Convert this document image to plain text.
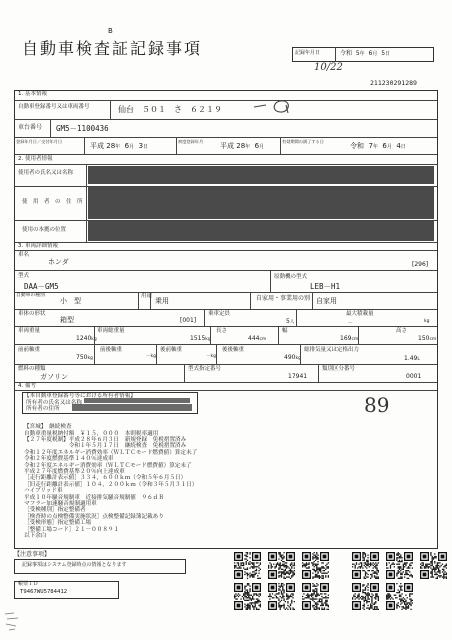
B
自動車検査証記録事項	記録年月日	令和 5年 6月 5日
10/22
211230291289
1. 基本情報
自動車登録番号又は車両番号	仙台　５０１　さ　６２１９
車台番号 GM5－1100436
登録年月日／交付年月日
平成 28年 6月 3日
初度登録年月
平成 28年 6月
有効期間の満了する日
令和 7年 6月 4日
2. 使用者情報
使用者の氏名又は名称
使　用　者　の　住　所
使用の本拠の位置
3. 車両詳細情報
車名
ホンダ	[296]
型式
DAA－GM5
原動機の型式
LEB－H1
自動車の種別
小　型
用途
乗用	自家用・事業用の別 自家用
車体の形状
箱型	[001]
乗車定員
5人
最大積載量
－	kg
車両重量
1240kg
車両総重量
1515kg
長さ
444cm
幅
169cm
高さ
150cm
前前軸重
750kg
前後軸重
－kg
後前軸重
－kg
後後軸重
490kg
総排気量又は定格出力
1.49L
燃料の種類
ガソリン
型式指定番号
17941
類別区分番号
0001
4. 備考
89
【本自動車登録番号等における所有者情報】
所有者の氏名又は名称
所有者の住所
【宮城】　継続検査
自動車重量税納付額　￥１５，０００　本則税率適用
【２７年度税制】平成２８年６月３日　新規登録　免税措置済み
　　　　　　　　令和１年５月１７日　継続検査　免税措置済み
令和１２年度エネルギー消費効率（ＷＬＴＣモード燃費値）算定未了
令和２年度燃費基準１４０％達成車
令和２年度エネルギー消費効率（ＷＬＴＣモード燃費値）算定未了
平成２７年度燃費基準２０％向上達成車
［走行距離計表示値］３３４，６００ｋｍ（令和５年６月５日）
［旧走行距離計表示値］１０４，２００ｋｍ（令和３年５月３１日）
ハイブリッド車
平成１０年騒音規制車　近接排気騒音規制値　９６ｄＢ
マフラー加速騒音規制適用車
［受検種別］指定整備者
［検査時の点検整備実施状況］点検整備記録簿記載あり
［受検形態］指定整備工場
［整備工場コード］２１－００８９１
以下余白
【注意事項】
記録事項はシステム登録時点の情報となります
帳票ＩＤ
T9467WU5784412
